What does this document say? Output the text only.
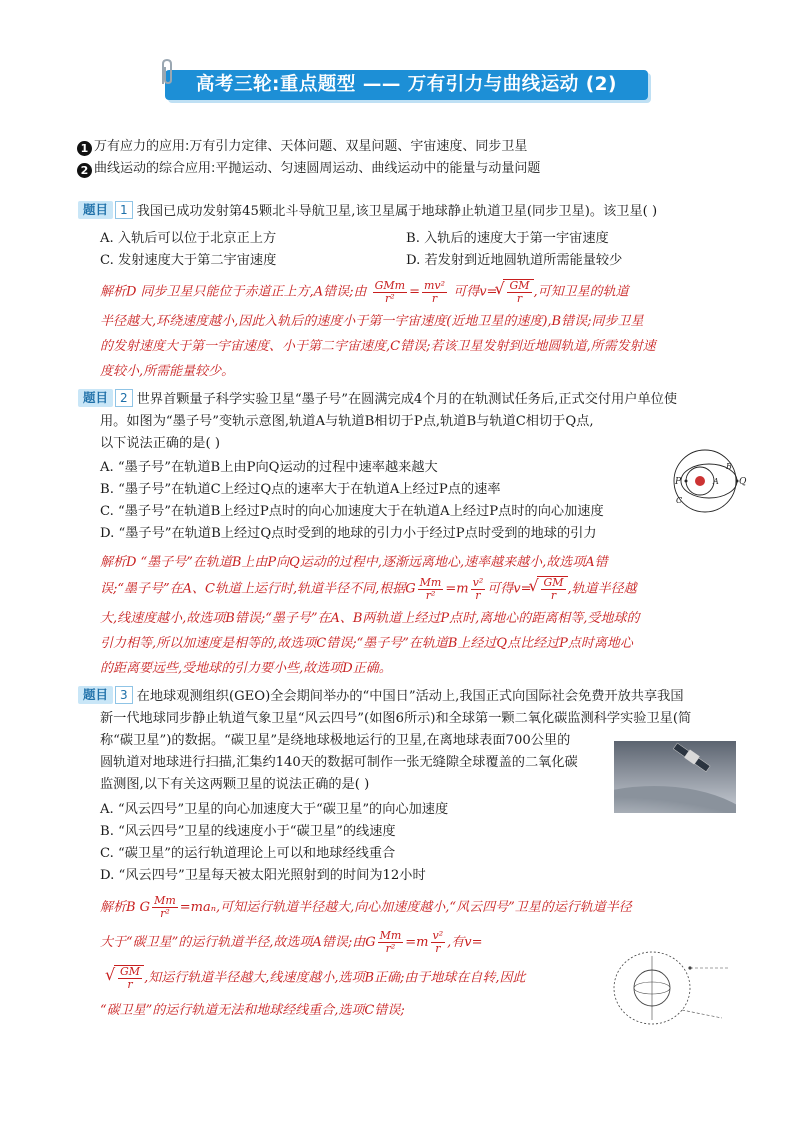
高考三轮:重点题型 —— 万有引力与曲线运动 (2)
1 万有应力的应用:万有引力定律、天体问题、双星问题、宇宙速度、同步卫星
2 曲线运动的综合应用:平抛运动、匀速圆周运动、曲线运动中的能量与动量问题
题目 1 我国已成功发射第45颗北斗导航卫星,该卫星属于地球静止轨道卫星(同步卫星)。该卫星( )
A. 入轨后可以位于北京正上方	B. 入轨后的速度大于第一宇宙速度
C. 发射速度大于第二宇宙速度	D. 若发射到近地圆轨道所需能量较少
解析D 同步卫星只能位于赤道正上方,A错误;由 $\frac{\text{GMm}}{\text{r²}} = \frac{\text{mv²}}{r}$ 可得v= √ $\frac{GM}{r}$ ,可知卫星的轨道
半径越大,环绕速度越小,因此入轨后的速度小于第一宇宙速度(近地卫星的速度),B错误;同步卫星
的发射速度大于第一宇宙速度、小于第二宇宙速度,C错误;若该卫星发射到近地圆轨道,所需发射速
度较小,所需能量较少。
题目 2 世界首颗量子科学实验卫星“墨子号”在圆满完成4个月的在轨测试任务后,正式交付用户单位使
用。如图为“墨子号”变轨示意图,轨道A与轨道B相切于P点,轨道B与轨道C相切于Q点,
以下说法正确的是( )
A. “墨子号”在轨道B上由P向Q运动的过程中速率越来越大
B. “墨子号”在轨道C上经过Q点的速率大于在轨道A上经过P点的速率
C. “墨子号”在轨道B上经过P点时的向心加速度大于在轨道A上经过P点时的向心加速度
D. “墨子号”在轨道B上经过Q点时受到的地球的引力小于经过P点时受到的地球的引力
P	Q
A
B
C
解析D “墨子号”在轨道B上由P向Q运动的过程中,逐渐远离地心,速率越来越小,故选项A错
误;“墨子号”在A、C轨道上运行时,轨道半径不同,根据G $\frac{Mm}{\text{r²}} =m \frac{\text{v²}}{r}$ 可得v= √ $\frac{GM}{r}$ ,轨道半径越
大,线速度越小,故选项B错误;“墨子号”在A、B两轨道上经过P点时,离地心的距离相等,受地球的
引力相等,所以加速度是相等的,故选项C错误;“墨子号”在轨道B上经过Q点比经过P点时离地心
的距离要远些,受地球的引力要小些,故选项D正确。
题目 3 在地球观测组织(GEO)全会期间举办的“中国日”活动上,我国正式向国际社会免费开放共享我国
新一代地球同步静止轨道气象卫星“风云四号”(如图6所示)和全球第一颗二氧化碳监测科学实验卫星(简
称“碳卫星”)的数据。“碳卫星”是绕地球极地运行的卫星,在离地球表面700公里的
圆轨道对地球进行扫描,汇集约140天的数据可制作一张无缝隙全球覆盖的二氧化碳
监测图,以下有关这两颗卫星的说法正确的是( )
A. “风云四号”卫星的向心加速度大于“碳卫星”的向心加速度
B. “风云四号”卫星的线速度小于“碳卫星”的线速度
C. “碳卫星”的运行轨道理论上可以和地球经线重合
D. “风云四号”卫星每天被太阳光照射到的时间为12小时
解析B G $\frac{Mm}{\text{r²}} =ma_n$,可知运行轨道半径越大,向心加速度越小,“风云四号”卫星的运行轨道半径
大于“碳卫星”的运行轨道半径,故选项A错误;由G $\frac{Mm}{\text{r²}} =m \frac{\text{v²}}{r}$ ,有v=
√ $\frac{GM}{r}$ ,知运行轨道半径越大,线速度越小,选项B正确;由于地球在自转,因此
“碳卫星”的运行轨道无法和地球经线重合,选项C错误;
